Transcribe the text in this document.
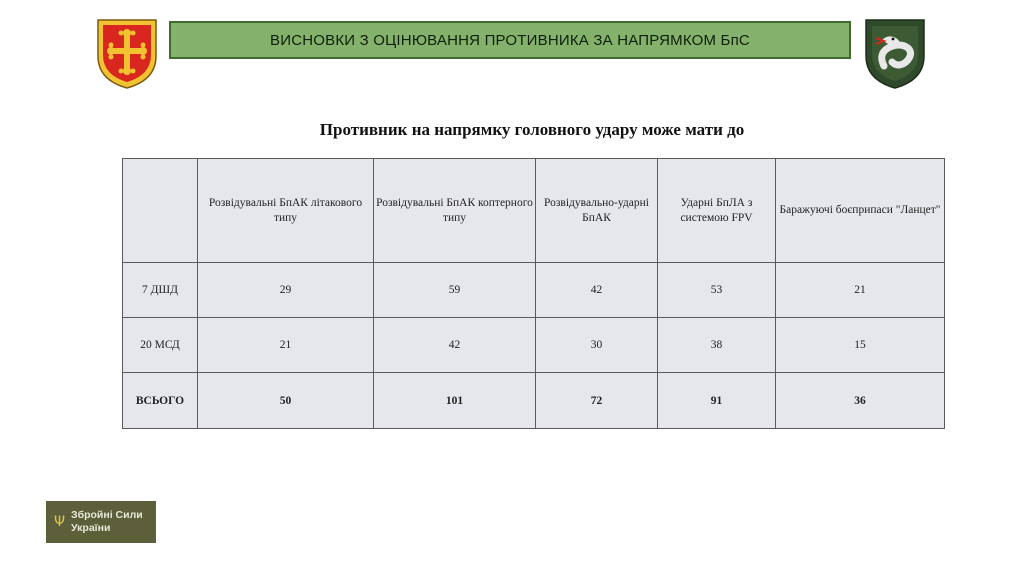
ВИСНОВКИ З ОЦІНЮВАННЯ ПРОТИВНИКА ЗА НАПРЯМКОМ БпС
Противник на напрямку головного удару може мати до
	Розвідувальні БпАК літакового типу	Розвідувальні БпАК коптерного типу	Розвідувально-ударні БпАК	Ударні БпЛА з системою FPV	Баражуючі боєприпаси "Ланцет"
7 ДШД	29	59	42	53	21
20 МСД	21	42	30	38	15
ВСЬОГО	50	101	72	91	36
Ψ Збройні Сили
України
